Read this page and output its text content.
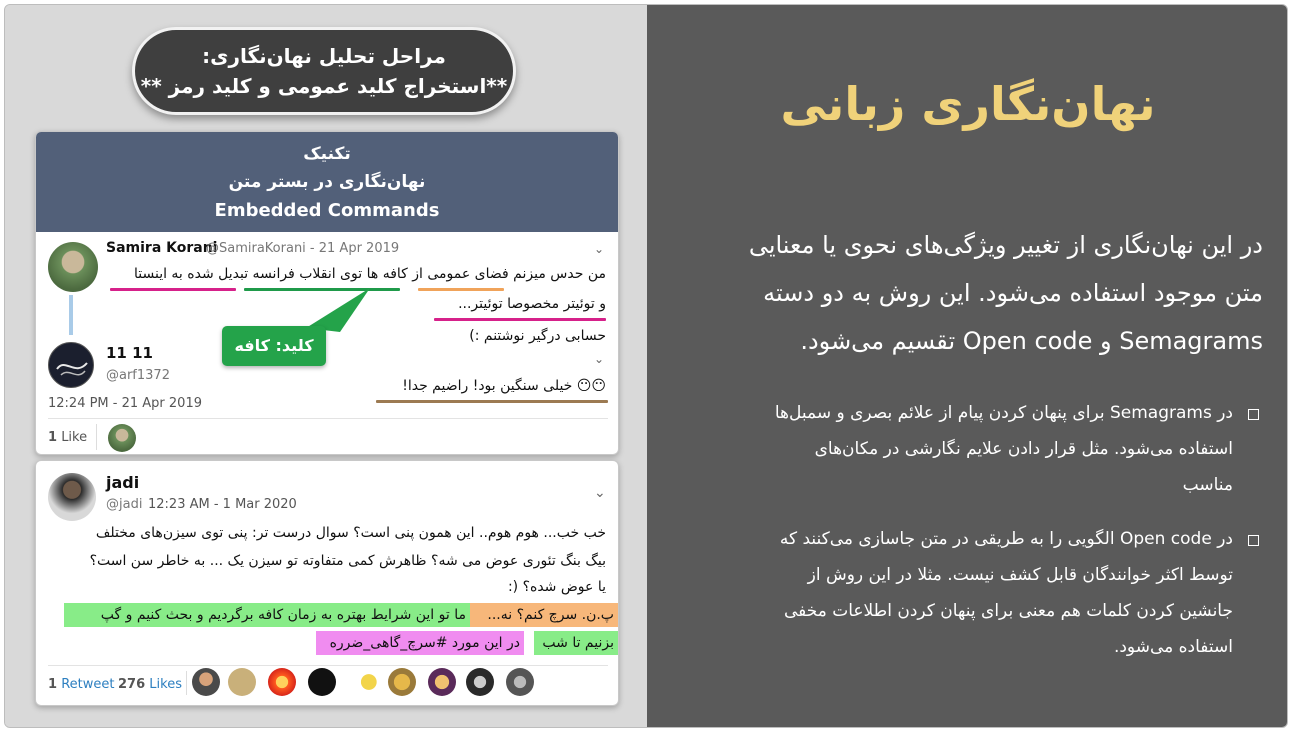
مراحل تحلیل نهان‌نگاری:
**استخراج کلید عمومی و کلید رمز **
تکنیک
نهان‌نگاری در بستر متن
Embedded Commands
Samira Korani
@SamiraKorani - 21 Apr 2019	⌄
من حدس میزنم فضای عمومی از کافه ها توی انقلاب فرانسه تبدیل شده به اینستا
و توئیتر مخصوصا توئیتر...
حسابی درگیر نوشتنم :)
کلید: کافه
11 11
@arf1372
⌄
😶😶 خیلی سنگین بود! راضیم جدا!
12:24 PM - 21 Apr 2019
1 Like
jadi
@jadi 12:23 AM - 1 Mar 2020
⌄
خب خب... هوم هوم.. این همون پنی است؟ سوال درست تر: پنی توی سیزن‌های مختلف
بیگ بنگ تئوری عوض می شه؟ ظاهرش کمی متفاوته تو سیزن یک ... به خاطر سن است؟
یا عوض شده؟ (:
پ.ن. سرچ کنم؟ نه...
ما تو این شرایط بهتره به زمان کافه برگردیم و بحث کنیم و گپ
بزنیم تا شب
در این مورد #سرچ_گاهی_ضرره
1 Retweet 276 Likes
نهان‌نگاری زبانی
در این نهان‌نگاری از تغییر ویژگی‌های نحوی یا معنایی
متن موجود استفاده می‌شود. این روش به دو دسته
Semagrams و Open code تقسیم می‌شود.
در Semagrams برای پنهان کردن پیام از علائم بصری و سمبل‌ها
استفاده می‌شود. مثل قرار دادن علایم نگارشی در مکان‌های
مناسب
در Open code الگویی را به طریقی در متن جاسازی می‌کنند که
توسط اکثر خوانندگان قابل کشف نیست. مثلا در این روش از
جانشین کردن کلمات هم معنی برای پنهان کردن اطلاعات مخفی
استفاده می‌شود.
